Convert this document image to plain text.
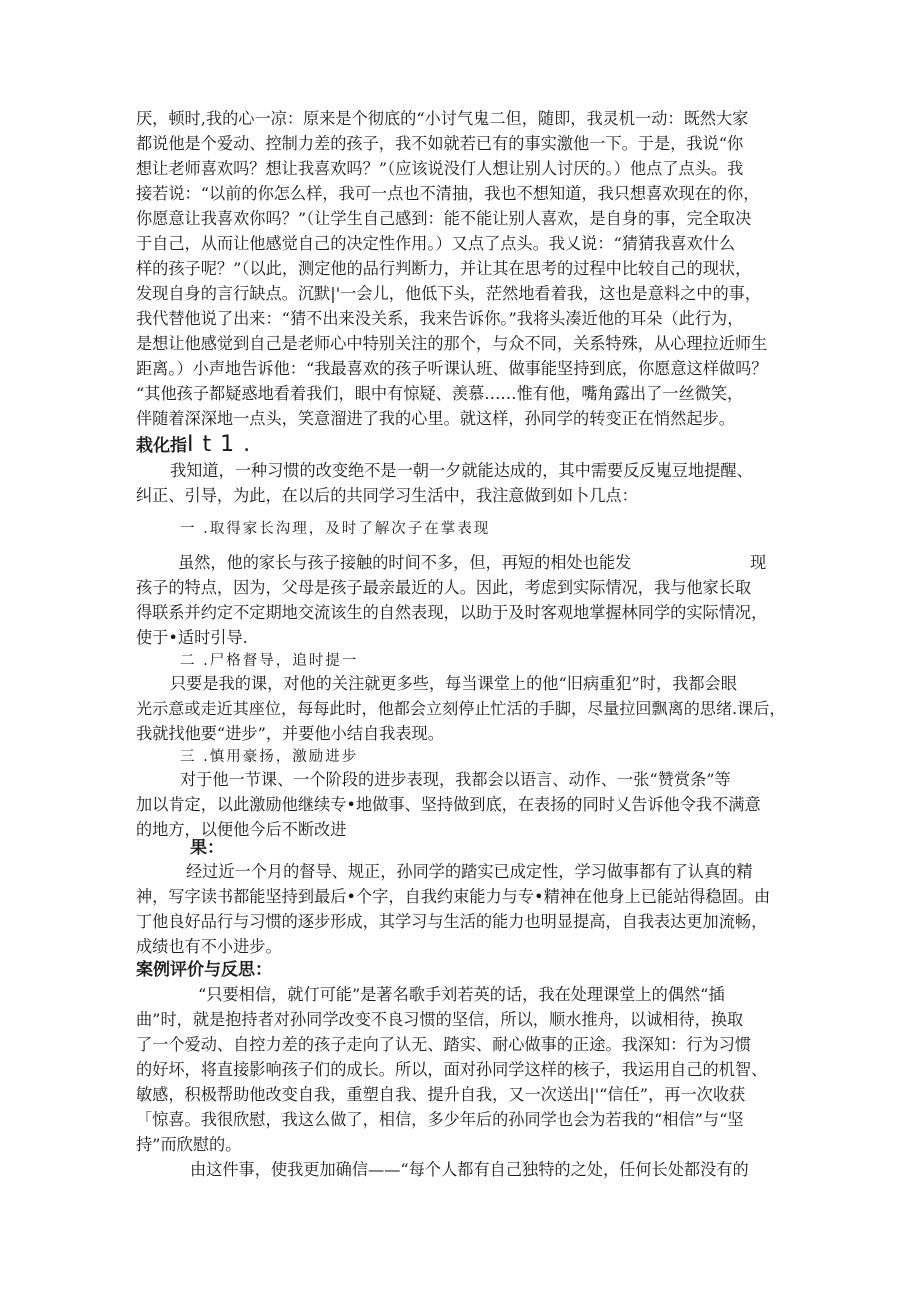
厌，顿时,我的心一凉：原来是个彻底的“小讨气鬼二但，随即，我灵机一动：既然大家
都说他是个爱动、控制力差的孩子，我不如就若已有的事实激他一下。于是，我说“你
想让老师喜欢吗？想让我喜欢吗？”（应该说没仃人想让别人讨厌的。）他点了点头。我
接若说：“以前的你怎么样，我可一点也不清抽，我也不想知道，我只想喜欢现在的你，
你愿意让我喜欢你吗？”（让学生自己感到：能不能让别人喜欢，是自身的事，完全取决
于自己，从而让他感觉自己的决定性作用。）又点了点头。我乂说：“猜猜我喜欢什么
样的孩子呢？”（以此，测定他的品行判断力，并让其在思考的过程中比较自己的现状，
发现自身的言行缺点。沉默|'一会儿，他低下头，茫然地看着我，这也是意料之中的事，
我代替他说了出来：“猜不出来没关系，我来告诉你。”我将头凑近他的耳朵（此行为，
是想让他感觉到自己是老师心中特别关注的那个，与众不同，关系特殊，从心理拉近师生
距离。）小声地告诉他：“我最喜欢的孩子听课认班、做事能坚持到底，你愿意这样做吗？
“其他孩子都疑惑地看着我们，眼中有惊疑、羡慕……惟有他，嘴角露出了一丝微笑，
伴随着深深地一点头，笑意溜进了我的心里。就这样，孙同学的转变正在悄然起步。
栽化指I t 1 .
我知道，一种习惯的改变绝不是一朝一夕就能达成的，其中需要反反嵬豆地提醒、
纠正、引导，为此，在以后的共同学习生活中，我注意做到如卜几点：
一 .取得家长沟理，及时了解次子在掌表现
虽然，他的家长与孩子接触的时间不多，但，再短的相处也能发	现
孩子的特点，因为，父母是孩子最亲最近的人。因此，考虑到实际情况，我与他家长取
得联系并约定不定期地交流该生的自然表现，以助于及时客观地掌握林同学的实际情况，
使于•适时引导.
二 .尸格督导，追时提一
只要是我的课，对他的关注就更多些，每当课堂上的他“旧病重犯”时，我都会眼
光示意或走近其座位，每每此时，他都会立刻停止忙活的手脚，尽量拉回飘离的思绪.课后，
我就找他要“进步”，并要他小结自我表现。
三 .慎用豪扬，激励进步
对于他一节课、一个阶段的进步表现，我都会以语言、动作、一张“赞赏条”等
加以肯定，以此激励他继续专•地做事、坚持做到底，在表扬的同时乂告诉他令我不满意
的地方，以便他今后不断改进
果：
经过近一个月的督导、规正，孙同学的踏实已成定性，学习做事都有了认真的精
神，写字读书都能坚持到最后•个字，自我约束能力与专•精神在他身上已能站得稳固。由
丁他良好品行与习惯的逐步形成，其学习与生活的能力也明显提高，自我表达更加流畅，
成绩也有不小进步。
案例评价与反思：
“只要相信，就仃可能”是著名歌手刘若英的话，我在处理课堂上的偶然“插
曲”时，就是抱持者对孙同学改变不良习惯的坚信，所以，顺水推舟，以诚相待，换取
了一个爱动、自控力差的孩子走向了认无、踏实、耐心做事的正途。我深知：行为习惯
的好坏，将直接影响孩子们的成长。所以，面对孙同学这样的核子，我运用自己的机智、
敏感，积极帮助他改变自我，重塑自我、提升自我，又一次送出|'“信任”，再一次收获
「惊喜。我很欣慰，我这么做了，相信，多少年后的孙同学也会为若我的“相信”与“坚
持”而欣慰的。
由这件事，使我更加确信——“每个人都有自己独特的之处，任何长处都没有的
